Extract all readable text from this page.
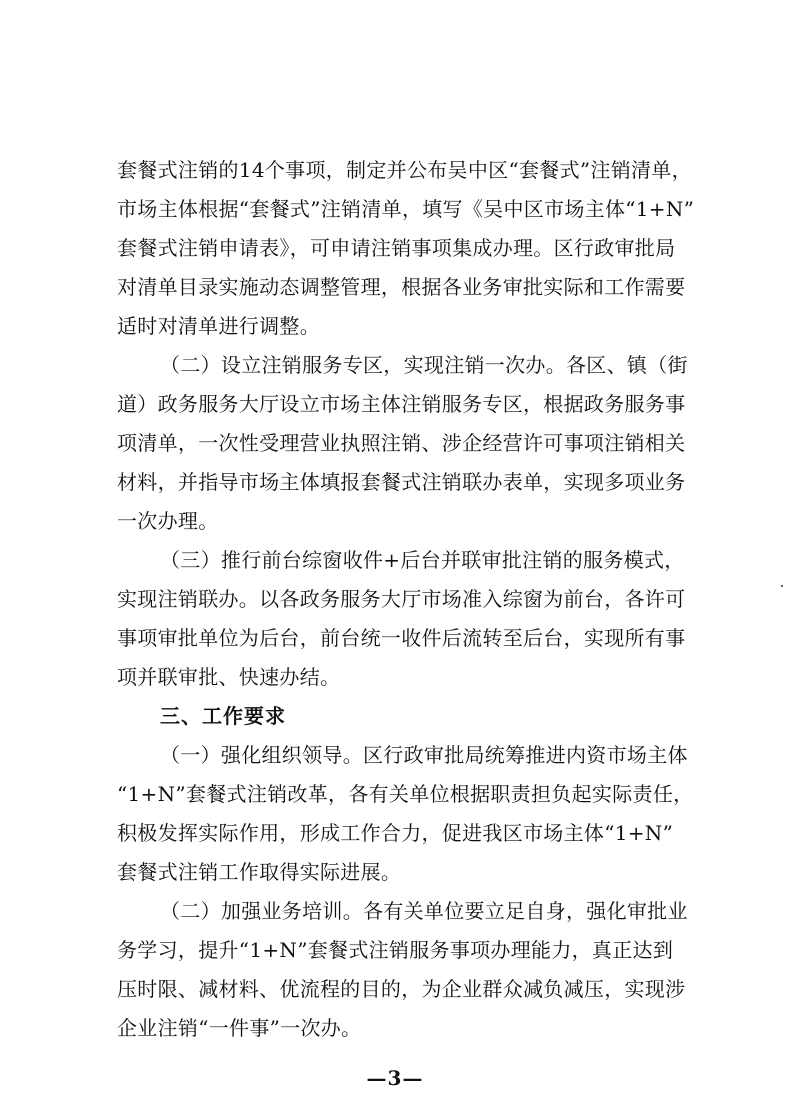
套餐式注销的14个事项，制定并公布吴中区“套餐式”注销清单，
市场主体根据“套餐式”注销清单，填写《吴中区市场主体“1+N”
套餐式注销申请表》，可申请注销事项集成办理。区行政审批局
对清单目录实施动态调整管理，根据各业务审批实际和工作需要
适时对清单进行调整。
（二）设立注销服务专区，实现注销一次办。各区、镇（街
道）政务服务大厅设立市场主体注销服务专区，根据政务服务事
项清单，一次性受理营业执照注销、涉企经营许可事项注销相关
材料，并指导市场主体填报套餐式注销联办表单，实现多项业务
一次办理。
（三）推行前台综窗收件+后台并联审批注销的服务模式，
实现注销联办。以各政务服务大厅市场准入综窗为前台，各许可
事项审批单位为后台，前台统一收件后流转至后台，实现所有事
项并联审批、快速办结。
三、工作要求
（一）强化组织领导。区行政审批局统筹推进内资市场主体
“1+N”套餐式注销改革，各有关单位根据职责担负起实际责任，
积极发挥实际作用，形成工作合力，促进我区市场主体“1+N”
套餐式注销工作取得实际进展。
（二）加强业务培训。各有关单位要立足自身，强化审批业
务学习，提升“1+N”套餐式注销服务事项办理能力，真正达到
压时限、减材料、优流程的目的，为企业群众减负减压，实现涉
企业注销“一件事”一次办。
—3—
